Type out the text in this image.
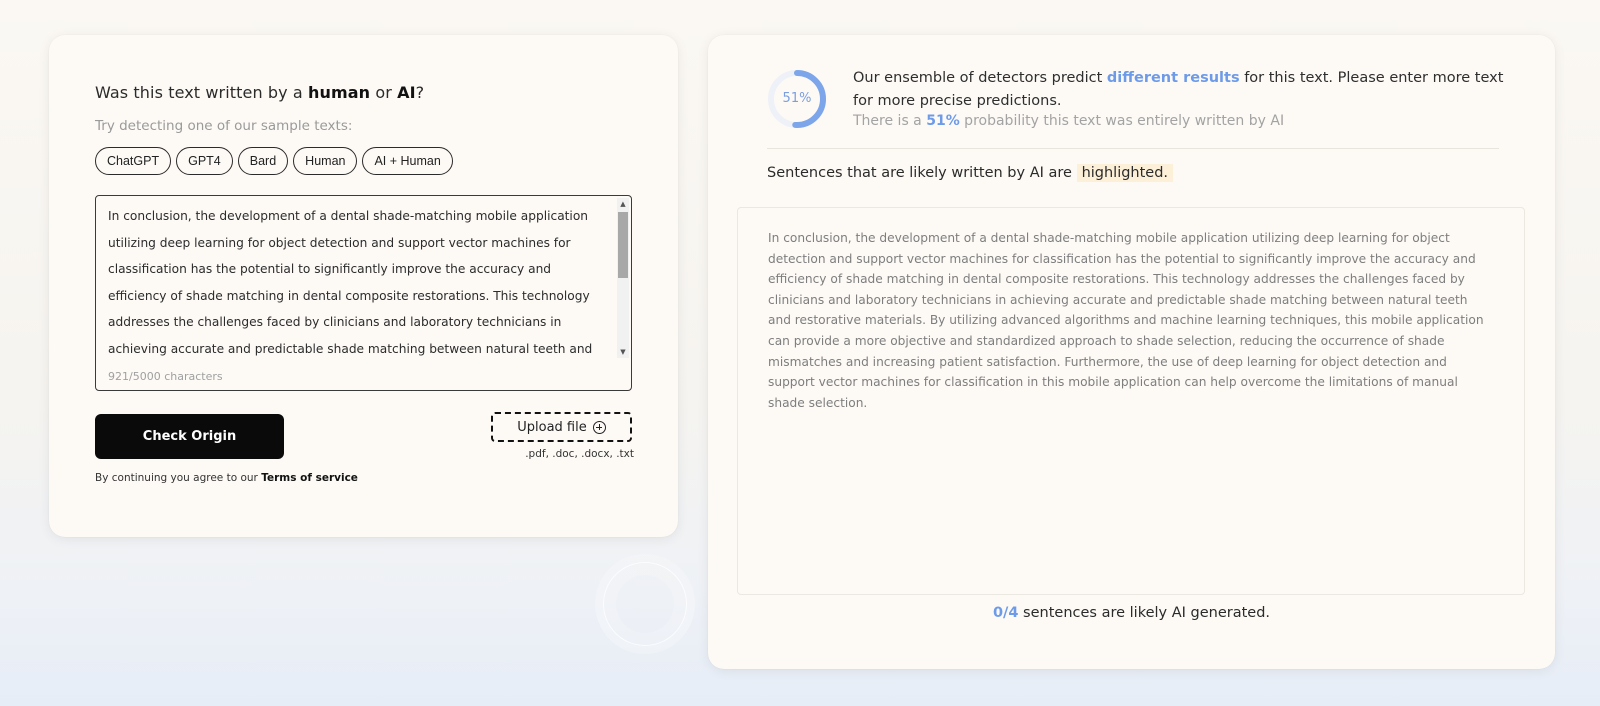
Was this text written by a human or AI?
Try detecting one of our sample texts:
ChatGPT	GPT4	Bard	Human	AI + Human
In conclusion, the development of a dental shade-matching mobile application utilizing deep learning for object detection and support vector machines for classification has the potential to significantly improve the accuracy and efficiency of shade matching in dental composite restorations. This technology addresses the challenges faced by clinicians and laboratory technicians in achieving accurate and predictable shade matching between natural teeth and
▲
▼
921/5000 characters
Check Origin
Upload file
.pdf, .doc, .docx, .txt
By continuing you agree to our Terms of service
51%
Our ensemble of detectors predict different results for this text. Please enter more text for more precise predictions.
There is a 51% probability this text was entirely written by AI
Sentences that are likely written by AI are highlighted.
In conclusion, the development of a dental shade-matching mobile application utilizing deep learning for object detection and support vector machines for classification has the potential to significantly improve the accuracy and efficiency of shade matching in dental composite restorations. This technology addresses the challenges faced by clinicians and laboratory technicians in achieving accurate and predictable shade matching between natural teeth and restorative materials. By utilizing advanced algorithms and machine learning techniques, this mobile application can provide a more objective and standardized approach to shade selection, reducing the occurrence of shade mismatches and increasing patient satisfaction. Furthermore, the use of deep learning for object detection and support vector machines for classification in this mobile application can help overcome the limitations of manual shade selection.
0/4 sentences are likely AI generated.
